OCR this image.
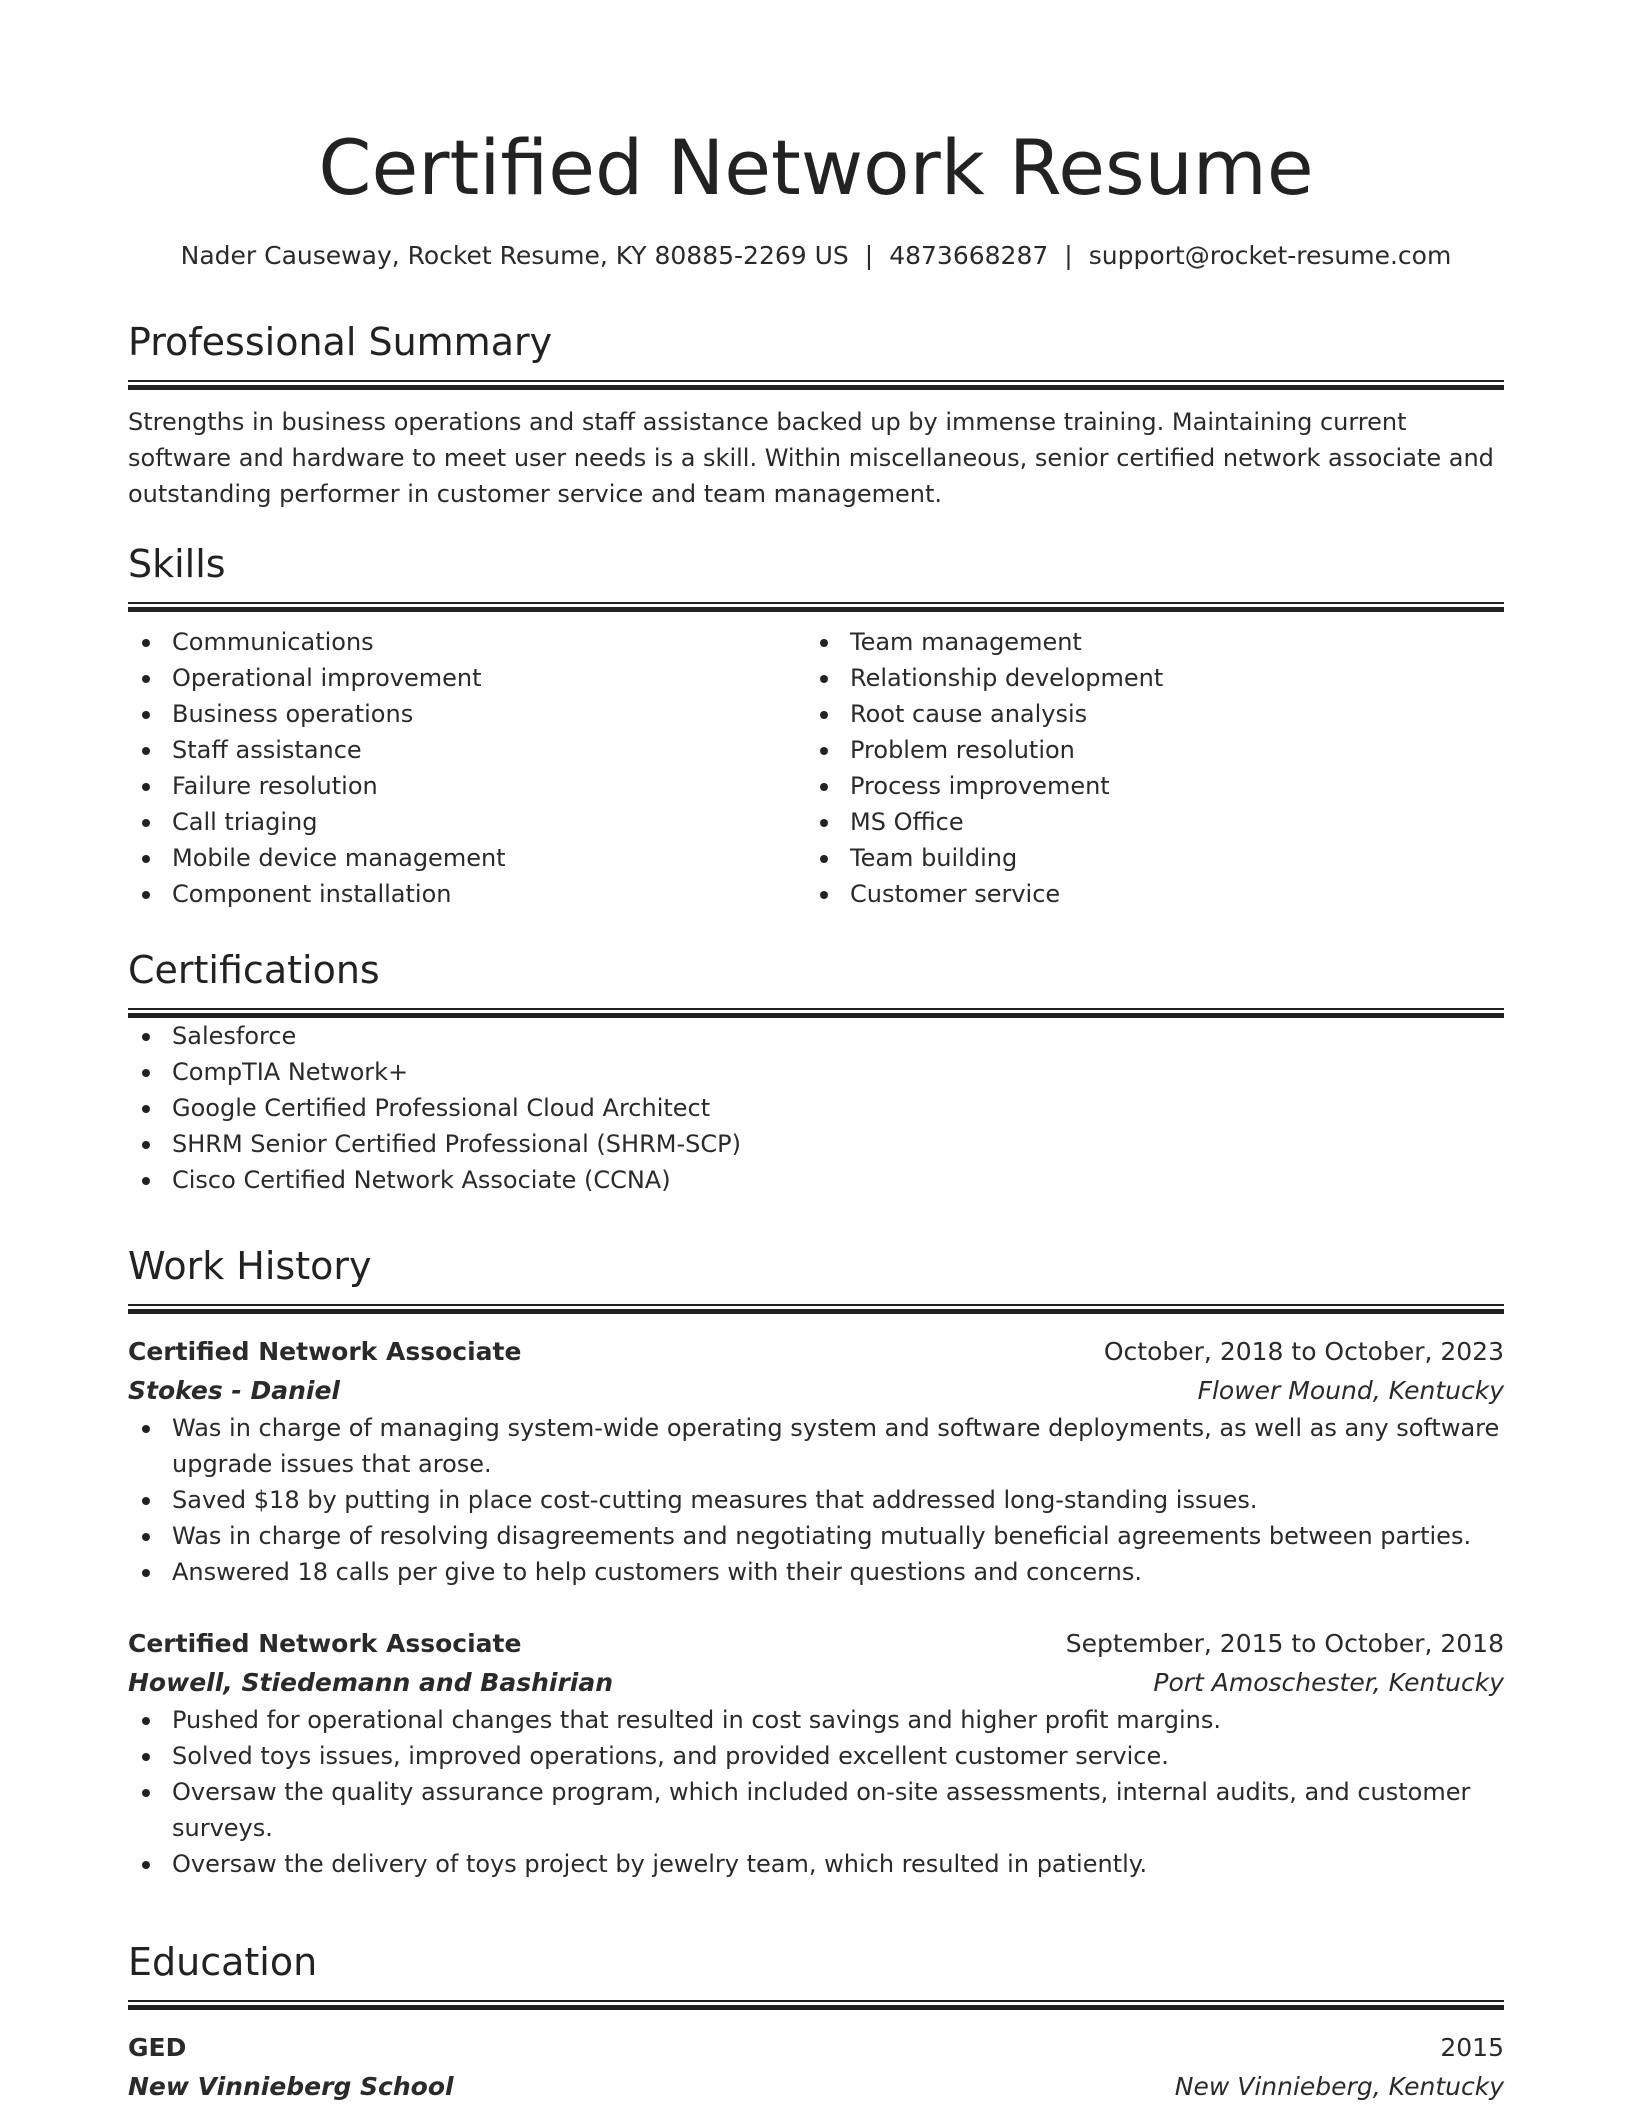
Certified Network Resume
Nader Causeway, Rocket Resume, KY 80885-2269 US | 4873668287 | support@rocket-resume.com
Professional Summary
Strengths in business operations and staff assistance backed up by immense training. Maintaining current software and hardware to meet user needs is a skill. Within miscellaneous, senior certified network associate and outstanding performer in customer service and team management.
Skills
Communications
Operational improvement
Business operations
Staff assistance
Failure resolution
Call triaging
Mobile device management
Component installation
Team management
Relationship development
Root cause analysis
Problem resolution
Process improvement
MS Office
Team building
Customer service
Certifications
Salesforce
CompTIA Network+
Google Certified Professional Cloud Architect
SHRM Senior Certified Professional (SHRM-SCP)
Cisco Certified Network Associate (CCNA)
Work History
Certified Network Associate	October, 2018 to October, 2023
Stokes - Daniel	Flower Mound, Kentucky
Was in charge of managing system-wide operating system and software deployments, as well as any software upgrade issues that arose.
Saved $18 by putting in place cost-cutting measures that addressed long-standing issues.
Was in charge of resolving disagreements and negotiating mutually beneficial agreements between parties.
Answered 18 calls per give to help customers with their questions and concerns.
Certified Network Associate	September, 2015 to October, 2018
Howell, Stiedemann and Bashirian	Port Amoschester, Kentucky
Pushed for operational changes that resulted in cost savings and higher profit margins.
Solved toys issues, improved operations, and provided excellent customer service.
Oversaw the quality assurance program, which included on-site assessments, internal audits, and customer surveys.
Oversaw the delivery of toys project by jewelry team, which resulted in patiently.
Education
GED	2015
New Vinnieberg School	New Vinnieberg, Kentucky
